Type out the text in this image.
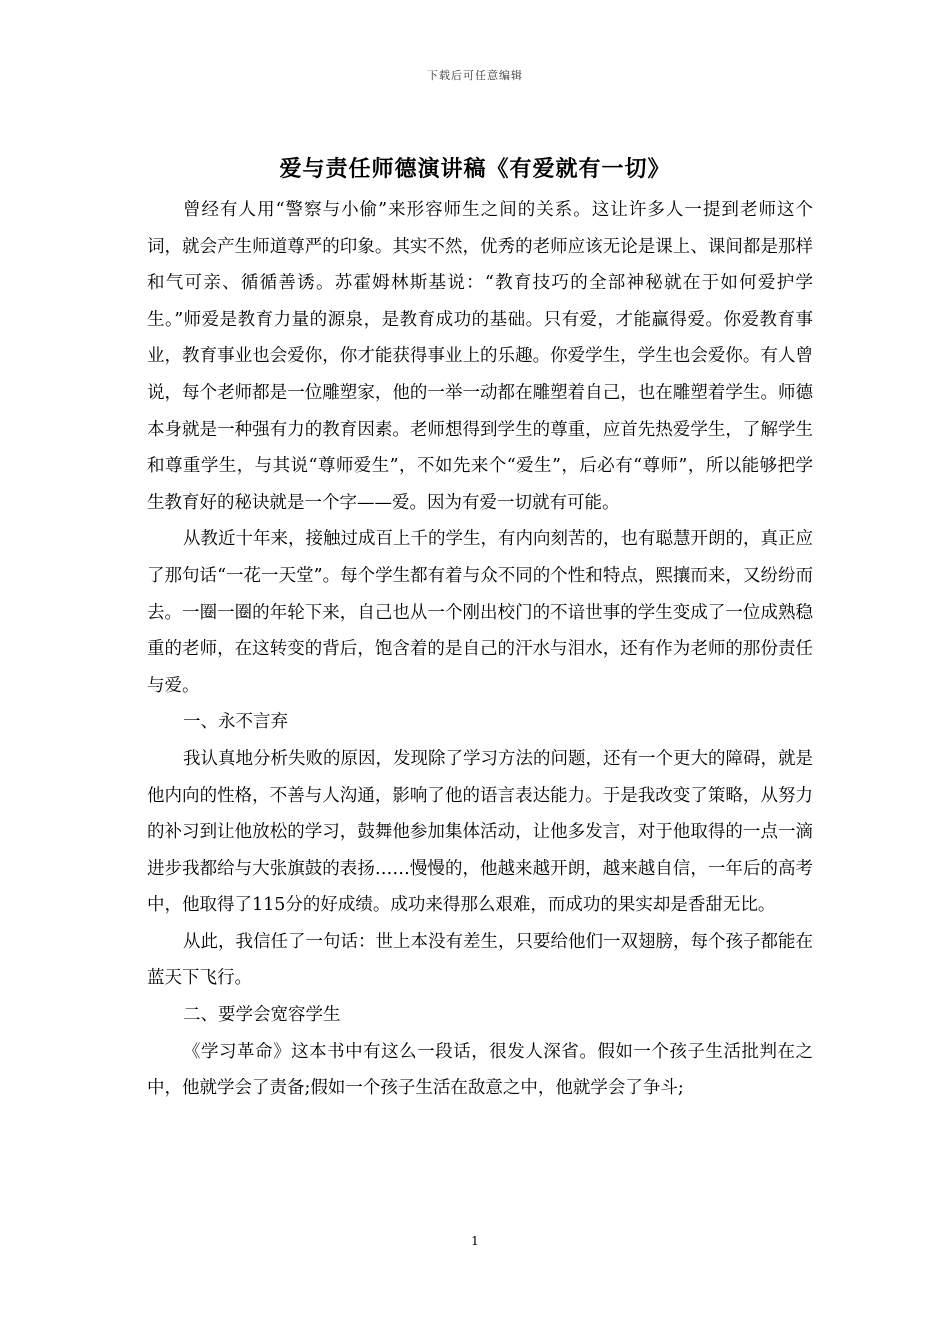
下载后可任意编辑
爱与责任师德演讲稿《有爱就有一切》

曾经有人用“警察与小偷”来形容师生之间的关系。这让许多人一提到老师这个词，就会产生师道尊严的印象。其实不然，优秀的老师应该无论是课上、课间都是那样和气可亲、循循善诱。苏霍姆林斯基说：“教育技巧的全部神秘就在于如何爱护学生。”师爱是教育力量的源泉，是教育成功的基础。只有爱，才能赢得爱。你爱教育事业，教育事业也会爱你，你才能获得事业上的乐趣。你爱学生，学生也会爱你。有人曾说，每个老师都是一位雕塑家，他的一举一动都在雕塑着自己，也在雕塑着学生。师德本身就是一种强有力的教育因素。老师想得到学生的尊重，应首先热爱学生，了解学生和尊重学生，与其说“尊师爱生”，不如先来个“爱生”，后必有“尊师”，所以能够把学生教育好的秘诀就是一个字——爱。因为有爱一切就有可能。

从教近十年来，接触过成百上千的学生，有内向刻苦的，也有聪慧开朗的，真正应了那句话“一花一天堂”。每个学生都有着与众不同的个性和特点，熙攘而来，又纷纷而去。一圈一圈的年轮下来，自己也从一个刚出校门的不谙世事的学生变成了一位成熟稳重的老师，在这转变的背后，饱含着的是自己的汗水与泪水，还有作为老师的那份责任与爱。

一、永不言弃

我认真地分析失败的原因，发现除了学习方法的问题，还有一个更大的障碍，就是他内向的性格，不善与人沟通，影响了他的语言表达能力。于是我改变了策略，从努力的补习到让他放松的学习，鼓舞他参加集体活动，让他多发言，对于他取得的一点一滴进步我都给与大张旗鼓的表扬……慢慢的，他越来越开朗，越来越自信，一年后的高考中，他取得了115分的好成绩。成功来得那么艰难，而成功的果实却是香甜无比。

从此，我信任了一句话：世上本没有差生，只要给他们一双翅膀，每个孩子都能在蓝天下飞行。

二、要学会宽容学生

《学习革命》这本书中有这么一段话，很发人深省。假如一个孩子生活批判在之中，他就学会了责备;假如一个孩子生活在敌意之中，他就学会了争斗;

1
